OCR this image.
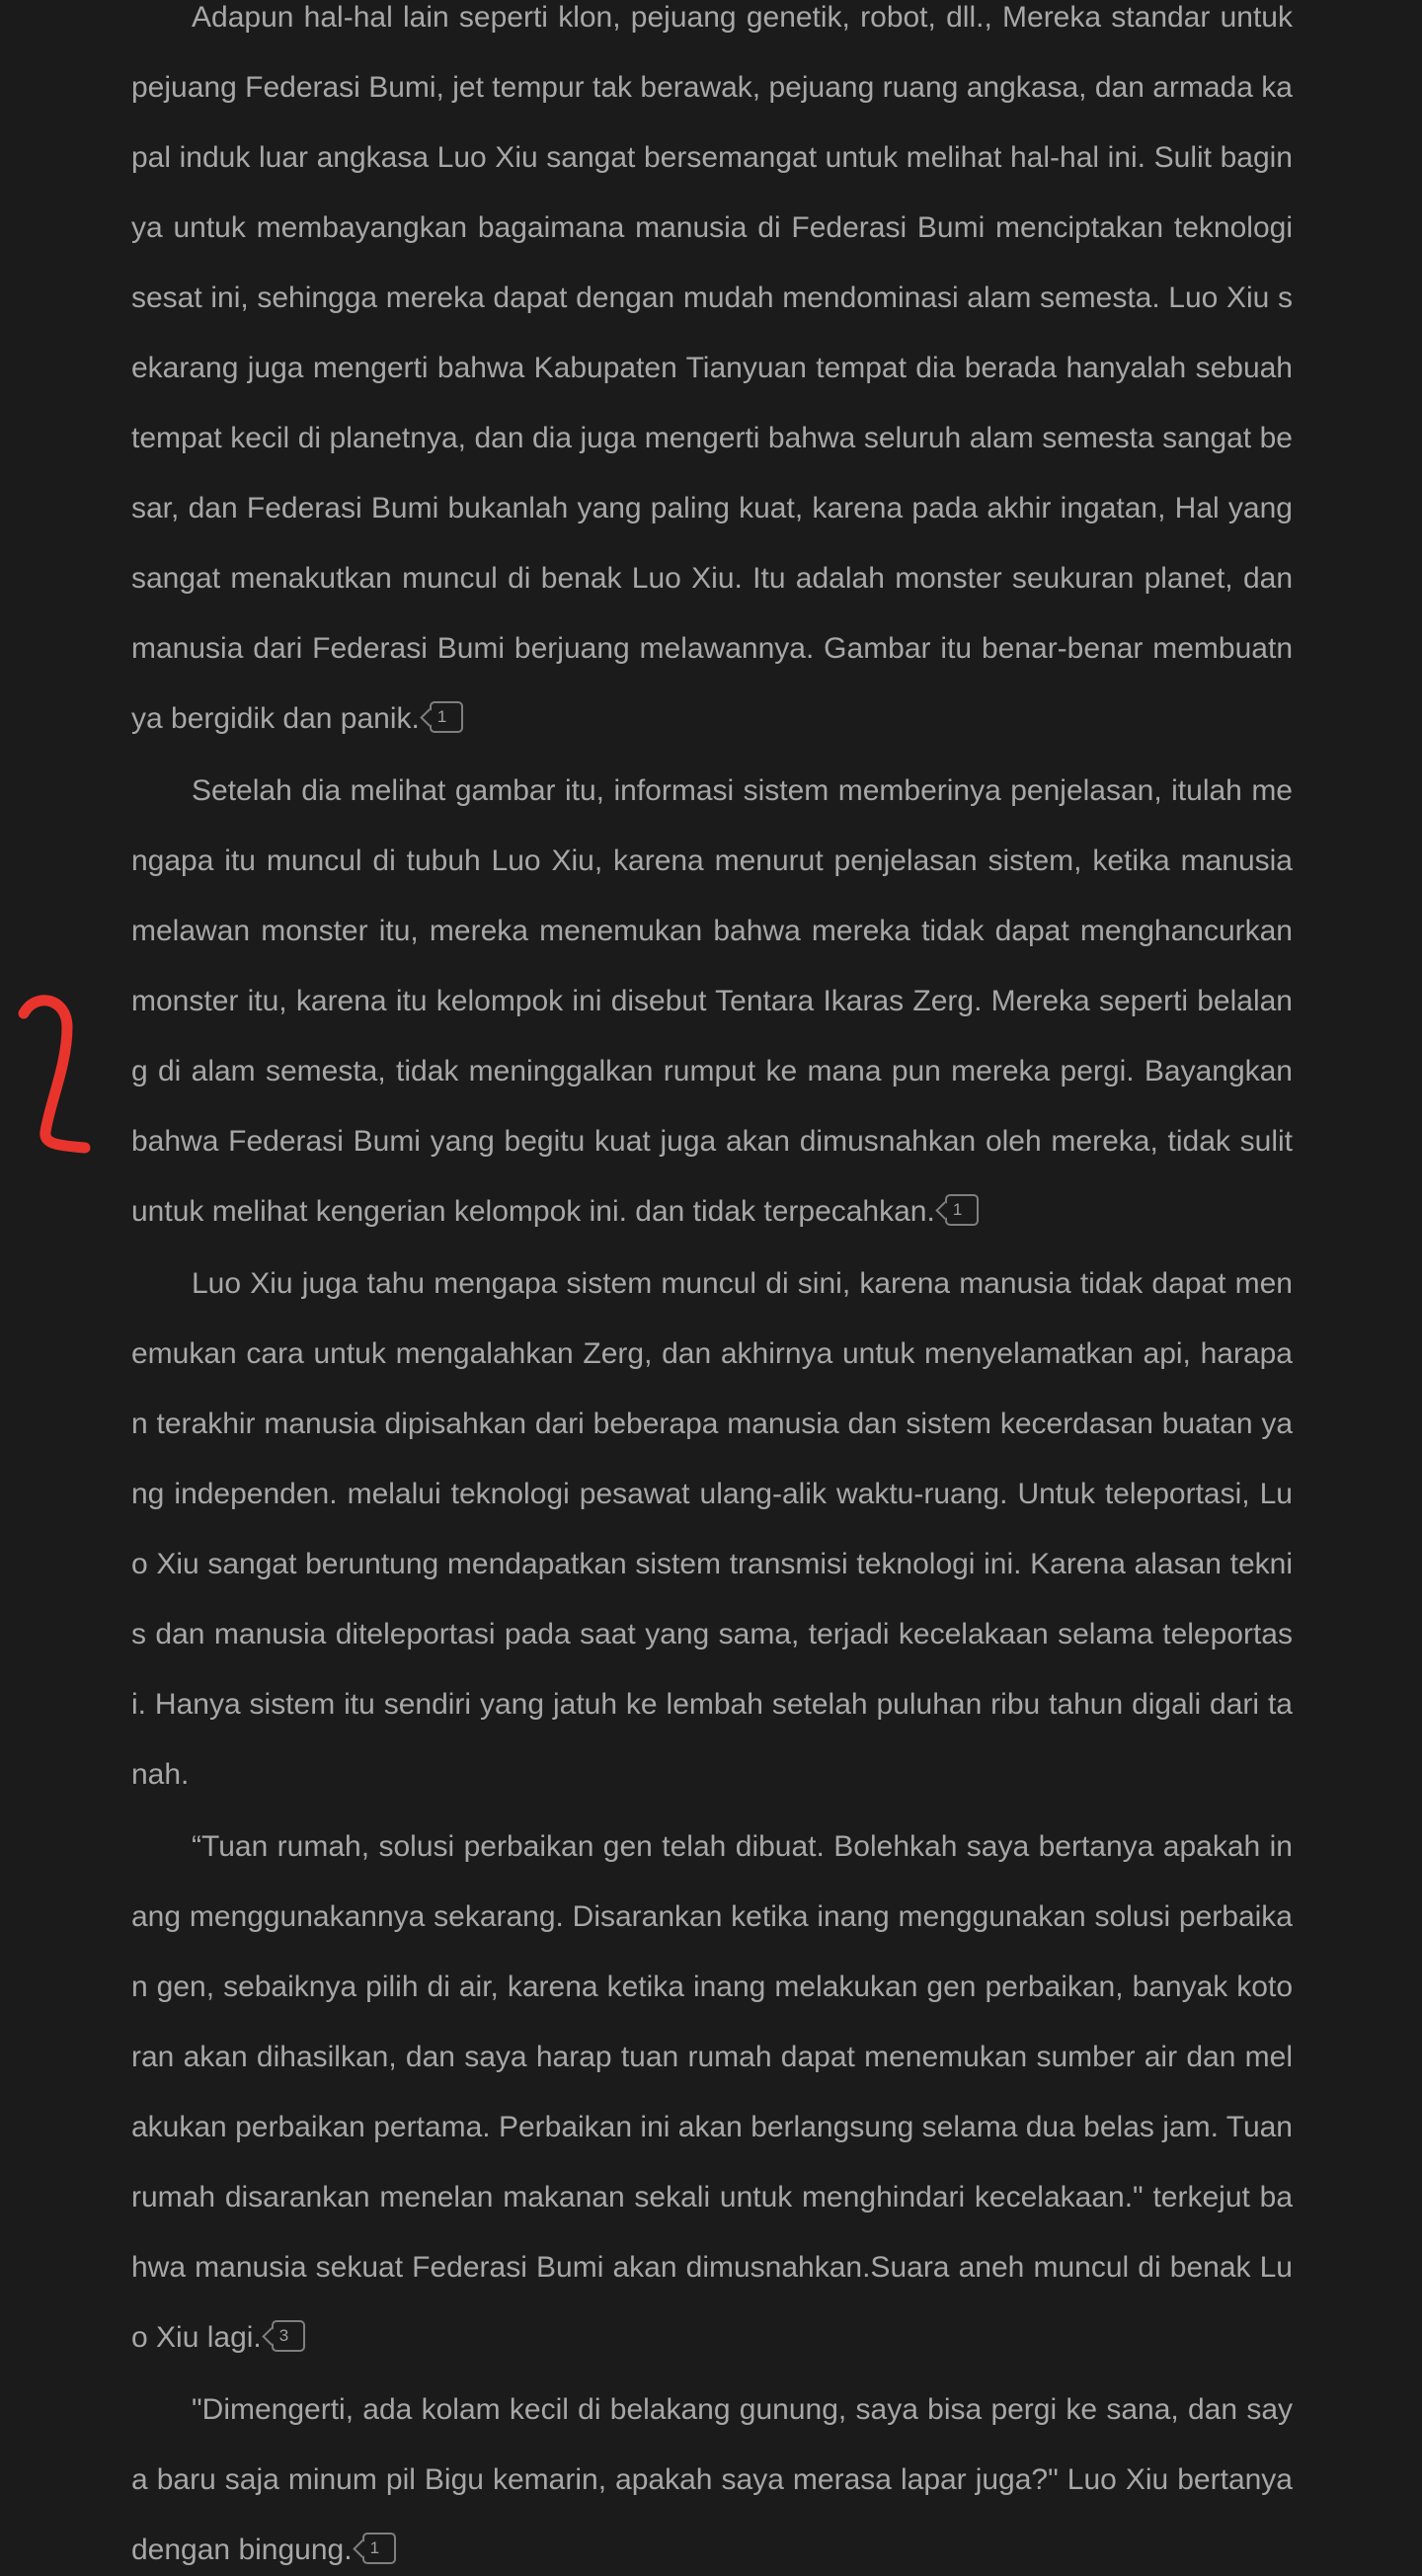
Adapun hal-hal lain seperti klon, pejuang genetik, robot, dll., Mereka standar untuk pejuang Federasi Bumi, jet tempur tak berawak, pejuang ruang angkasa, dan armada kapal induk luar angkasa Luo Xiu sangat bersemangat untuk melihat hal-hal ini. Sulit baginya untuk membayangkan bagaimana manusia di Federasi Bumi menciptakan teknologi sesat ini, sehingga mereka dapat dengan mudah mendominasi alam semesta. Luo Xiu sekarang juga mengerti bahwa Kabupaten Tianyuan tempat dia berada hanyalah sebuah tempat kecil di planetnya, dan dia juga mengerti bahwa seluruh alam semesta sangat besar, dan Federasi Bumi bukanlah yang paling kuat, karena pada akhir ingatan, Hal yang sangat menakutkan muncul di benak Luo Xiu. Itu adalah monster seukuran planet, dan manusia dari Federasi Bumi berjuang melawannya. Gambar itu benar-benar membuatnya bergidik dan panik. 1

Setelah dia melihat gambar itu, informasi sistem memberinya penjelasan, itulah mengapa itu muncul di tubuh Luo Xiu, karena menurut penjelasan sistem, ketika manusia melawan monster itu, mereka menemukan bahwa mereka tidak dapat menghancurkan monster itu, karena itu kelompok ini disebut Tentara Ikaras Zerg. Mereka seperti belalang di alam semesta, tidak meninggalkan rumput ke mana pun mereka pergi. Bayangkan bahwa Federasi Bumi yang begitu kuat juga akan dimusnahkan oleh mereka, tidak sulit untuk melihat kengerian kelompok ini. dan tidak terpecahkan. 1

Luo Xiu juga tahu mengapa sistem muncul di sini, karena manusia tidak dapat menemukan cara untuk mengalahkan Zerg, dan akhirnya untuk menyelamatkan api, harapan terakhir manusia dipisahkan dari beberapa manusia dan sistem kecerdasan buatan yang independen. melalui teknologi pesawat ulang-alik waktu-ruang. Untuk teleportasi, Luo Xiu sangat beruntung mendapatkan sistem transmisi teknologi ini. Karena alasan teknis dan manusia diteleportasi pada saat yang sama, terjadi kecelakaan selama teleportasi. Hanya sistem itu sendiri yang jatuh ke lembah setelah puluhan ribu tahun digali dari tanah.

“Tuan rumah, solusi perbaikan gen telah dibuat. Bolehkah saya bertanya apakah inang menggunakannya sekarang. Disarankan ketika inang menggunakan solusi perbaikan gen, sebaiknya pilih di air, karena ketika inang melakukan gen perbaikan, banyak kotoran akan dihasilkan, dan saya harap tuan rumah dapat menemukan sumber air dan melakukan perbaikan pertama. Perbaikan ini akan berlangsung selama dua belas jam. Tuan rumah disarankan menelan makanan sekali untuk menghindari kecelakaan." terkejut bahwa manusia sekuat Federasi Bumi akan dimusnahkan.Suara aneh muncul di benak Luo Xiu lagi. 3

"Dimengerti, ada kolam kecil di belakang gunung, saya bisa pergi ke sana, dan saya baru saja minum pil Bigu kemarin, apakah saya merasa lapar juga?" Luo Xiu bertanya dengan bingung. 1
